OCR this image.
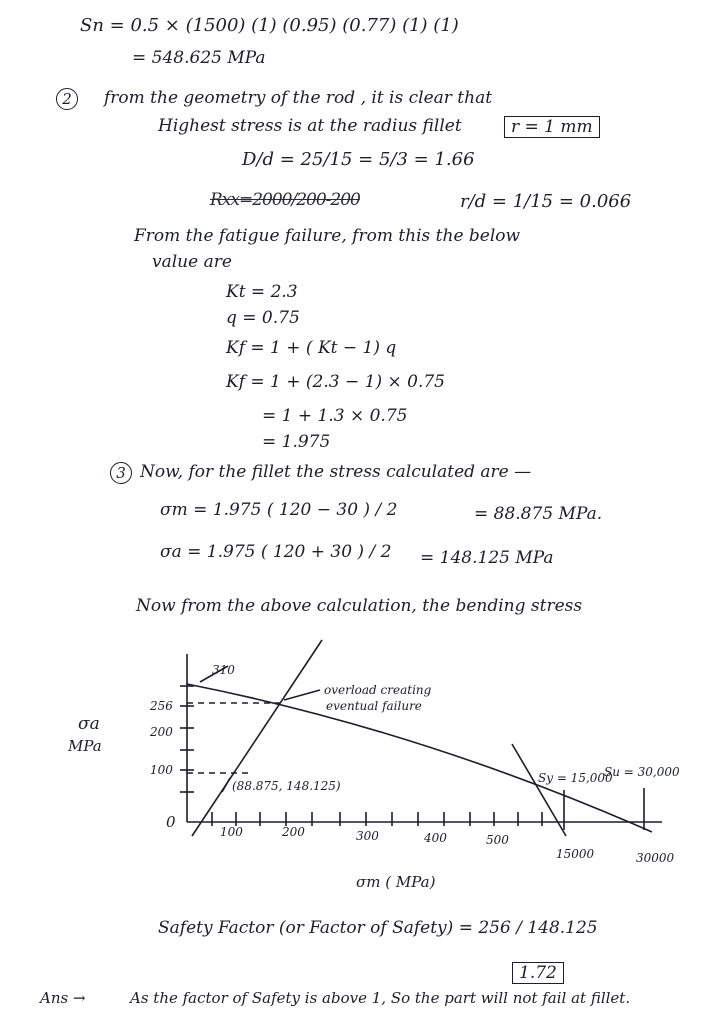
Sn = 0.5 × (1500) (1) (0.95) (0.77) (1) (1)
= 548.625 MPa
2	from the geometry of the rod , it is clear that
Highest stress is at the radius fillet	r = 1 mm
D/d = 25/15 = 5/3 = 1.66
Rxx=2000/200-200	r/d = 1/15 = 0.066
From the fatigue failure, from this the below
value are
Kt = 2.3
q = 0.75
Kf = 1 + ( Kt − 1) q
Kf = 1 + (2.3 − 1) × 0.75
= 1 + 1.3 × 0.75
= 1.975
3 Now, for the fillet the stress calculated are —
σm = 1.975 ( 120 − 30 ) / 2	= 88.875 MPa.
σa = 1.975 ( 120 + 30 ) / 2 = 148.125 MPa
Now from the above calculation, the bending stress
310
256
200
100
0
σa
MPa
overload creating
eventual failure
(88.875, 148.125)
Sy = 15,000
Su = 30,000
100	200	300	400	500
15000	30000
σm ( MPa)
Safety Factor (or Factor of Safety) = 256 / 148.125
1.72
Ans →	As the factor of Safety is above 1, So the part will not fail at fillet.
